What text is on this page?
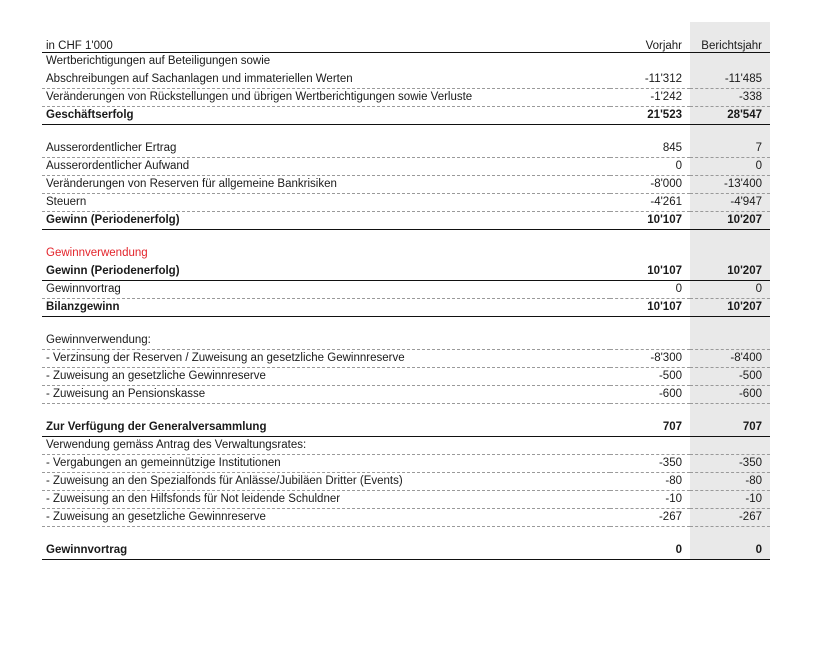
in CHF 1'000	Vorjahr	Berichtsjahr
Wertberichtigungen auf Beteiligungen sowie		
Abschreibungen auf Sachanlagen und immateriellen Werten	-11'312	-11'485
Veränderungen von Rückstellungen und übrigen Wertberichtigungen sowie Verluste	-1'242	-338
Geschäftserfolg	21'523	28'547

Ausserordentlicher Ertrag	845	7
Ausserordentlicher Aufwand	0	0
Veränderungen von Reserven für allgemeine Bankrisiken	-8'000	-13'400
Steuern	-4'261	-4'947
Gewinn (Periodenerfolg)	10'107	10'207

Gewinnverwendung		
Gewinn (Periodenerfolg)	10'107	10'207
Gewinnvortrag	0	0
Bilanzgewinn	10'107	10'207

Gewinnverwendung:		
- Verzinsung der Reserven / Zuweisung an gesetzliche Gewinnreserve	-8'300	-8'400
- Zuweisung an gesetzliche Gewinnreserve	-500	-500
- Zuweisung an Pensionskasse	-600	-600

Zur Verfügung der Generalversammlung	707	707
Verwendung gemäss Antrag des Verwaltungsrates:		
- Vergabungen an gemeinnützige Institutionen	-350	-350
- Zuweisung an den Spezialfonds für Anlässe/Jubiläen Dritter (Events)	-80	-80
- Zuweisung an den Hilfsfonds für Not leidende Schuldner	-10	-10
- Zuweisung an gesetzliche Gewinnreserve	-267	-267

Gewinnvortrag	0	0
